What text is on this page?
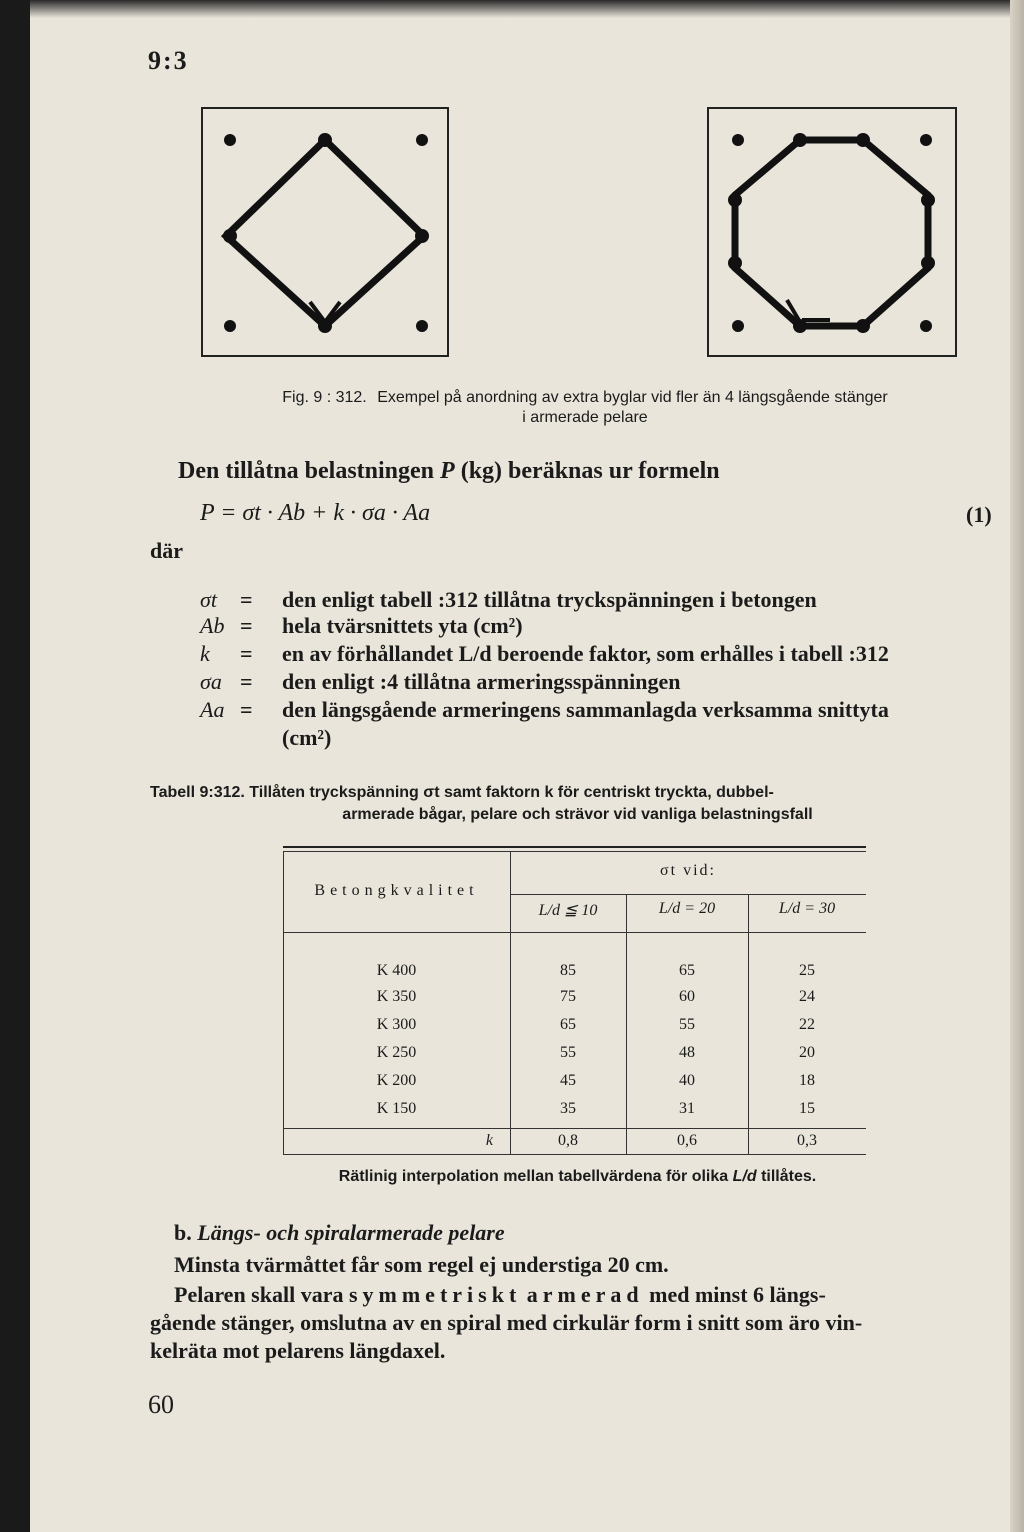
9:3
Fig. 9 : 312. Exempel på anordning av extra byglar vid fler än 4 längsgående stänger
i armerade pelare
Den tillåtna belastningen P (kg) beräknas ur formeln
P = σt · Ab + k · σa · Aa	(1)
där
σt	=	den enligt tabell :312 tillåtna tryckspänningen i betongen
Ab =	hela tvärsnittets yta (cm²)
k	=	en av förhållandet L/d beroende faktor, som erhålles i tabell :312
σa =	den enligt :4 tillåtna armeringsspänningen
Aa =	den längsgående armeringens sammanlagda verksamma snittyta
(cm²)
Tabell 9:312. Tillåten tryckspänning σt samt faktorn k för centriskt tryckta, dubbel-
armerade bågar, pelare och strävor vid vanliga belastningsfall
Betongkvalitet
σt vid:
L/d ≦ 10	L/d = 20	L/d = 30
K 400	85	65	25
K 350	75	60	24
K 300	65	55	22
K 250	55	48	20
K 200	45	40	18
K 150	35	31	15
k	0,8	0,6	0,3
Rätlinig interpolation mellan tabellvärdena för olika L/d tillåtes.
b. Längs- och spiralarmerade pelare
Minsta tvärmåttet får som regel ej understiga 20 cm.
Pelaren skall vara symmetriskt armerad med minst 6 längs-
gående stänger, omslutna av en spiral med cirkulär form i snitt som äro vin-
kelräta mot pelarens längdaxel.
60
